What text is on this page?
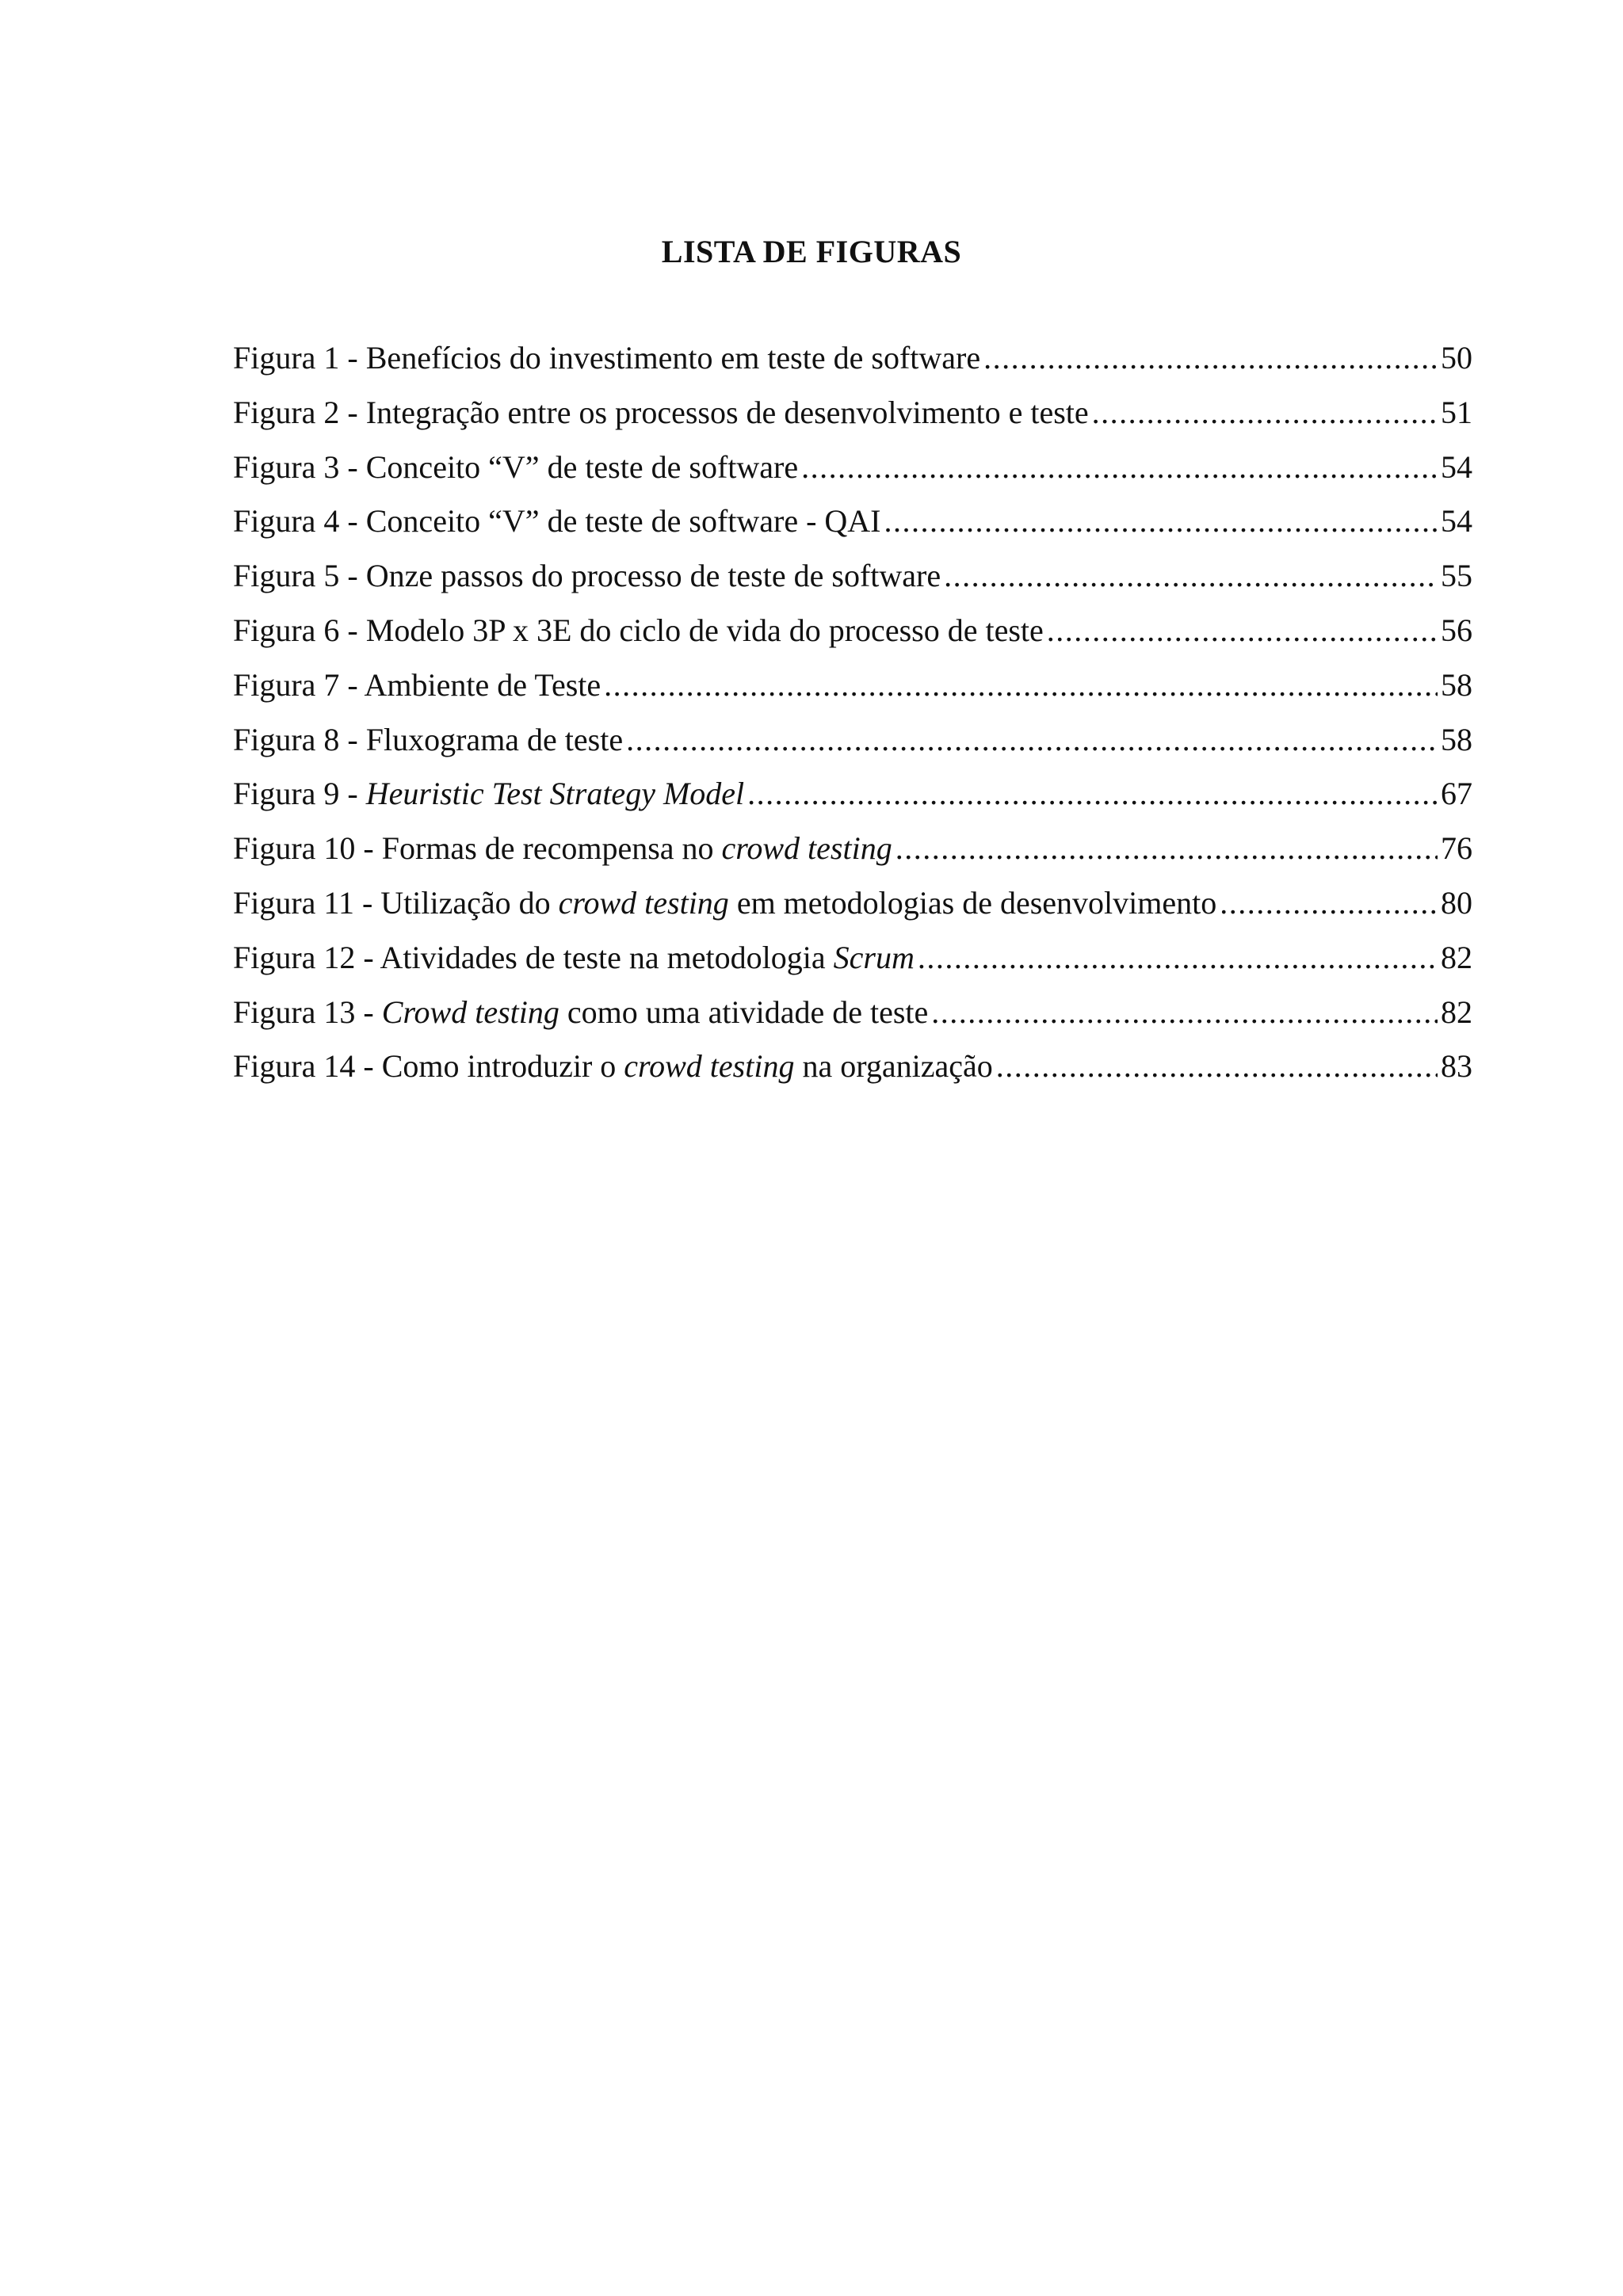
LISTA DE FIGURAS
Figura 1 - Benefícios do investimento em teste de software .....	50
Figura 2 - Integração entre os processos de desenvolvimento e teste .....	51
Figura 3 - Conceito “V” de teste de software .....	54
Figura 4 - Conceito “V” de teste de software - QAI .....	54
Figura 5 - Onze passos do processo de teste de software .....	55
Figura 6 - Modelo 3P x 3E do ciclo de vida do processo de teste .....	56
Figura 7 - Ambiente de Teste .....	58
Figura 8 - Fluxograma de teste .....	58
Figura 9 - Heuristic Test Strategy Model .....	67
Figura 10 - Formas de recompensa no crowd testing .....	76
Figura 11 - Utilização do crowd testing em metodologias de desenvolvimento .....	80
Figura 12 - Atividades de teste na metodologia Scrum .....	82
Figura 13 - Crowd testing como uma atividade de teste .....	82
Figura 14 - Como introduzir o crowd testing na organização .....	83
